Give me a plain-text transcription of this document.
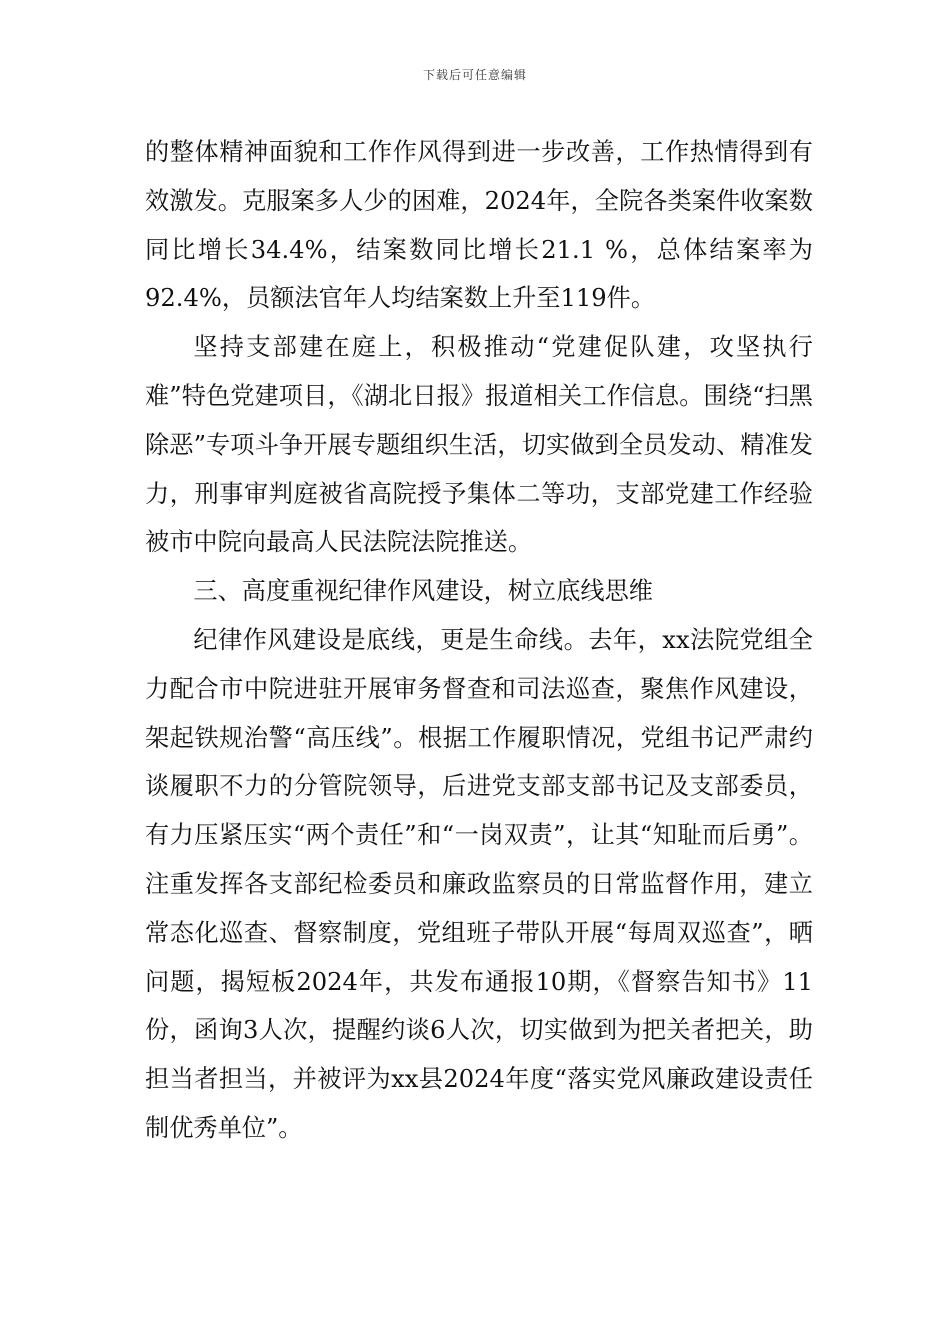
下载后可任意编辑

的整体精神面貌和工作作风得到进一步改善，工作热情得到有效激发。克服案多人少的困难，2024年，全院各类案件收案数同比增长34.4%，结案数同比增长21.1 %，总体结案率为92.4%，员额法官年人均结案数上升至119件。

坚持支部建在庭上，积极推动“党建促队建，攻坚执行难”特色党建项目，《湖北日报》报道相关工作信息。围绕“扫黑除恶”专项斗争开展专题组织生活，切实做到全员发动、精准发力，刑事审判庭被省高院授予集体二等功，支部党建工作经验被市中院向最高人民法院法院推送。

三、高度重视纪律作风建设，树立底线思维

纪律作风建设是底线，更是生命线。去年，xx法院党组全力配合市中院进驻开展审务督查和司法巡查，聚焦作风建设，架起铁规治警“高压线”。根据工作履职情况，党组书记严肃约谈履职不力的分管院领导，后进党支部支部书记及支部委员，有力压紧压实“两个责任”和“一岗双责”，让其“知耻而后勇”。注重发挥各支部纪检委员和廉政监察员的日常监督作用，建立常态化巡查、督察制度，党组班子带队开展“每周双巡查”，晒问题，揭短板2024年，共发布通报10期，《督察告知书》11份，函询3人次，提醒约谈6人次，切实做到为把关者把关，助担当者担当，并被评为xx县2024年度“落实党风廉政建设责任制优秀单位”。
